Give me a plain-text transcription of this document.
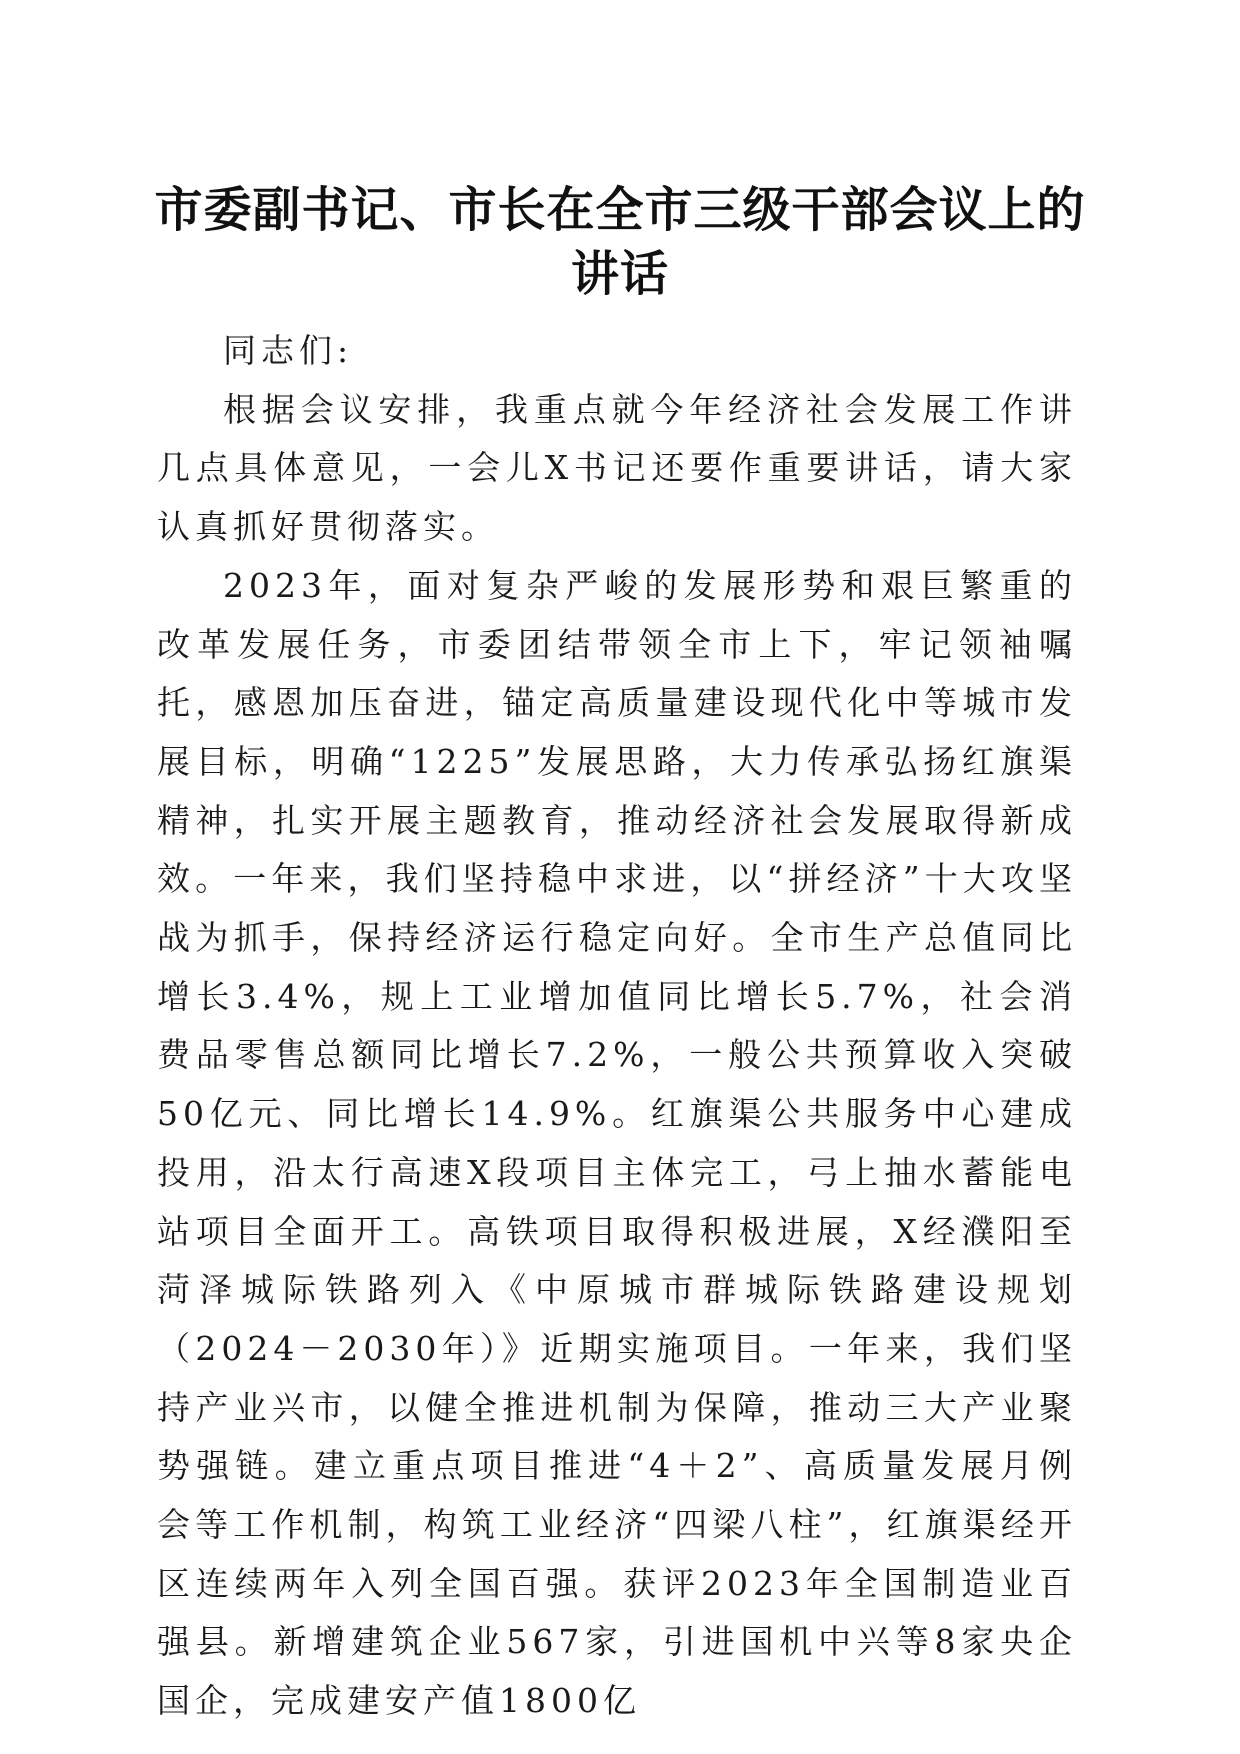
市委副书记、市长在全市三级干部会议上的讲话

同志们:

根据会议安排，我重点就今年经济社会发展工作讲几点具体意见，一会儿X书记还要作重要讲话，请大家认真抓好贯彻落实。

2023年，面对复杂严峻的发展形势和艰巨繁重的改革发展任务，市委团结带领全市上下，牢记领袖嘱托，感恩加压奋进，锚定高质量建设现代化中等城市发展目标，明确“1225”发展思路，大力传承弘扬红旗渠精神，扎实开展主题教育，推动经济社会发展取得新成效。一年来，我们坚持稳中求进，以“拼经济”十大攻坚战为抓手，保持经济运行稳定向好。全市生产总值同比增长3.4%，规上工业增加值同比增长5.7%，社会消费品零售总额同比增长7.2%，一般公共预算收入突破50亿元、同比增长14.9%。红旗渠公共服务中心建成投用，沿太行高速X段项目主体完工，弓上抽水蓄能电站项目全面开工。高铁项目取得积极进展，X经濮阳至菏泽城际铁路列入《中原城市群城际铁路建设规划（2024－2030年）》近期实施项目。一年来，我们坚持产业兴市，以健全推进机制为保障，推动三大产业聚势强链。建立重点项目推进“4＋2”、高质量发展月例会等工作机制，构筑工业经济“四梁八柱”，红旗渠经开区连续两年入列全国百强。获评2023年全国制造业百强县。新增建筑企业567家，引进国机中兴等8家央企国企，完成建安产值1800亿
